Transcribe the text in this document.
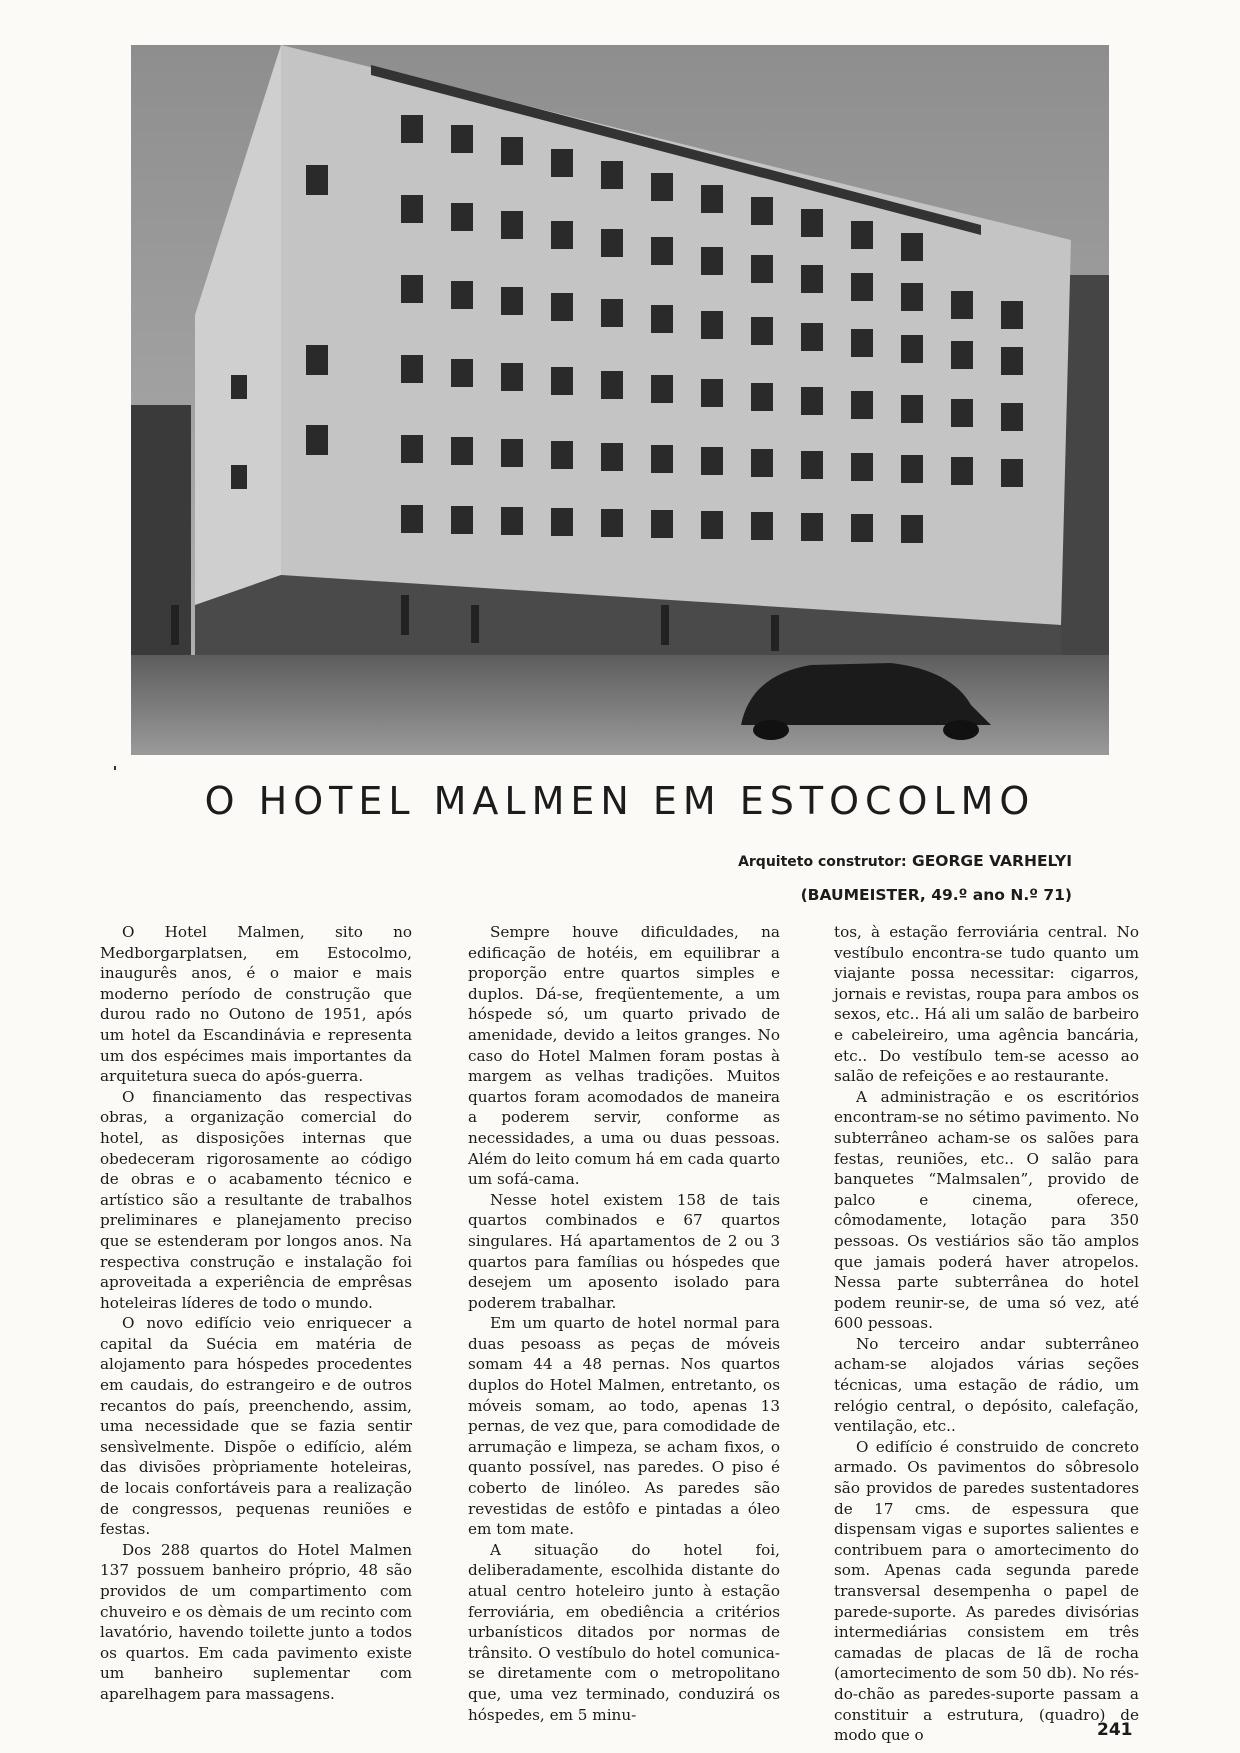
O HOTEL MALMEN EM ESTOCOLMO
Arquiteto construtor: GEORGE VARHELYI
(BAUMEISTER, 49.º ano N.º 71)

O Hotel Malmen, sito no Medborgarplatsen, em Estocolmo, inaugurês anos, é o maior e mais moderno período de construção que durou rado no Outono de 1951, após um hotel da Escandinávia e representa um dos espécimes mais importantes da arquitetura sueca do após-guerra.

O financiamento das respectivas obras, a organização comercial do hotel, as disposições internas que obedeceram rigorosamente ao código de obras e o acabamento técnico e artístico são a resultante de trabalhos preliminares e planejamento preciso que se estenderam por longos anos. Na respectiva construção e instalação foi aproveitada a experiência de emprêsas hoteleiras líderes de todo o mundo.

O novo edifício veio enriquecer a capital da Suécia em matéria de alojamento para hóspedes procedentes em caudais, do estrangeiro e de outros recantos do país, preenchendo, assim, uma necessidade que se fazia sentir sensìvelmente. Dispõe o edifício, além das divisões pròpriamente hoteleiras, de locais confortáveis para a realização de congressos, pequenas reuniões e festas.

Dos 288 quartos do Hotel Malmen 137 possuem banheiro próprio, 48 são providos de um compartimento com chuveiro e os dèmais de um recinto com lavatório, havendo toilette junto a todos os quartos. Em cada pavimento existe um banheiro suplementar com aparelhagem para massagens.

Sempre houve dificuldades, na edificação de hotéis, em equilibrar a proporção entre quartos simples e duplos. Dá-se, freqüentemente, a um hóspede só, um quarto privado de amenidade, devido a leitos granges. No caso do Hotel Malmen foram postas à margem as velhas tradições. Muitos quartos foram acomodados de maneira a poderem servir, conforme as necessidades, a uma ou duas pessoas. Além do leito comum há em cada quarto um sofá-cama.

Nesse hotel existem 158 de tais quartos combinados e 67 quartos singulares. Há apartamentos de 2 ou 3 quartos para famílias ou hóspedes que desejem um aposento isolado para poderem trabalhar.

Em um quarto de hotel normal para duas pesoass as peças de móveis somam 44 a 48 pernas. Nos quartos duplos do Hotel Malmen, entretanto, os móveis somam, ao todo, apenas 13 pernas, de vez que, para comodidade de arrumação e limpeza, se acham fixos, o quanto possível, nas paredes. O piso é coberto de linóleo. As paredes são revestidas de estôfo e pintadas a óleo em tom mate.

A situação do hotel foi, deliberadamente, escolhida distante do atual centro hoteleiro junto à estação ferroviária, em obediência a critérios urbanísticos ditados por normas de trânsito. O vestíbulo do hotel comunica-se diretamente com o metropolitano que, uma vez terminado, conduzirá os hóspedes, em 5 minu-

tos, à estação ferroviária central. No vestíbulo encontra-se tudo quanto um viajante possa necessitar: cigarros, jornais e revistas, roupa para ambos os sexos, etc.. Há ali um salão de barbeiro e cabeleireiro, uma agência bancária, etc.. Do vestíbulo tem-se acesso ao salão de refeições e ao restaurante.

A administração e os escritórios encontram-se no sétimo pavimento. No subterrâneo acham-se os salões para festas, reuniões, etc.. O salão para banquetes “Malmsalen”, provido de palco e cinema, oferece, cômodamente, lotação para 350 pessoas. Os vestiários são tão amplos que jamais poderá haver atropelos. Nessa parte subterrânea do hotel podem reunir-se, de uma só vez, até 600 pessoas.

No terceiro andar subterrâneo acham-se alojados várias seções técnicas, uma estação de rádio, um relógio central, o depósito, calefação, ventilação, etc..

O edifício é construido de concreto armado. Os pavimentos do sôbresolo são providos de paredes sustentadores de 17 cms. de espessura que dispensam vigas e suportes salientes e contribuem para o amortecimento do som. Apenas cada segunda parede transversal desempenha o papel de parede-suporte. As paredes divisórias intermediárias consistem em três camadas de placas de lã de rocha (amortecimento de som 50 db). No rés-do-chão as paredes-suporte passam a constituir a estrutura, (quadro) de modo que o	241
